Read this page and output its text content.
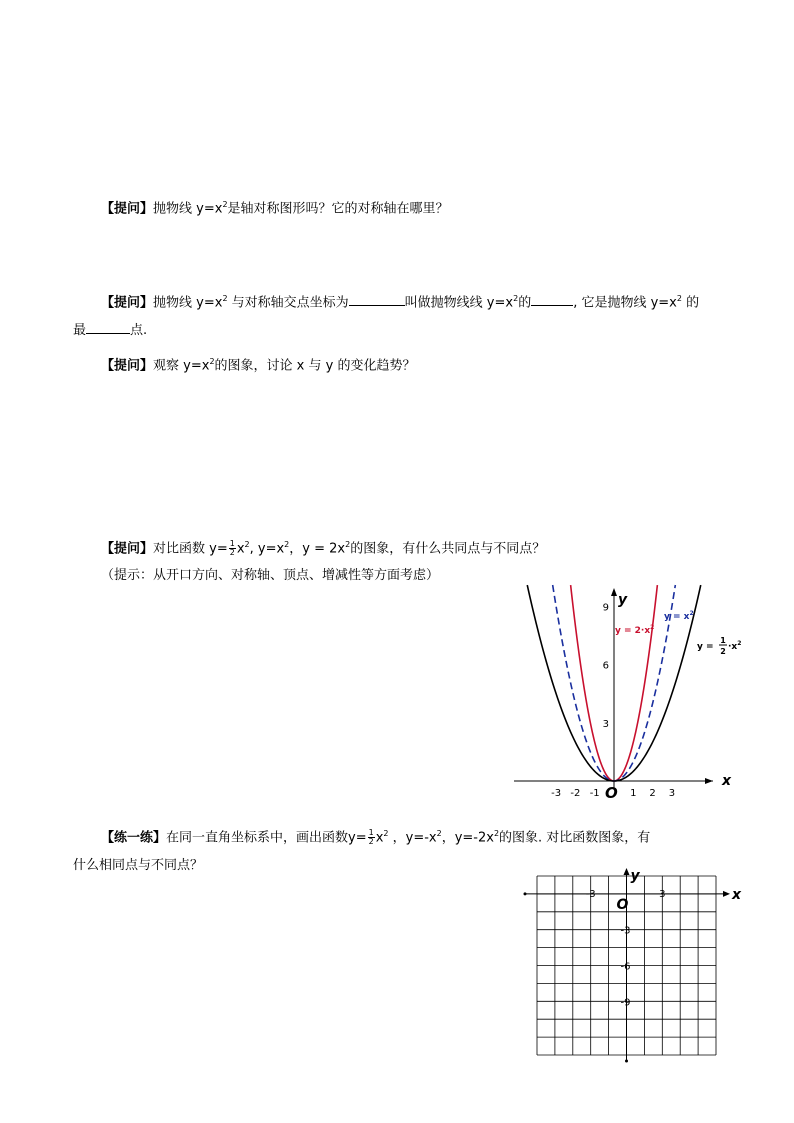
【提问】抛物线 $y=x^2$是轴对称图形吗？它的对称轴在哪里？
【提问】抛物线 $y=x^2$ 与对称轴交点坐标为	叫做抛物线线 $y=x^2$的	, 它是抛物线 $y=x^2$ 的
最	点.
【提问】观察 $y=x^2$的图象，讨论 x 与 y 的变化趋势？
【提问】对比函数 $y= \frac{1}{2} x^2$, $y=x^2$，$y = 2x^2$的图象，有什么共同点与不同点？
（提示：从开口方向、对称轴、顶点、增减性等方面考虑）
x
y
O
-3 -2 -1	1 2 3
3
6
9
$y = 2\cdot x^2$
$y = x^2$
y =
1
$2 \cdot x^2$
【练一练】在同一直角坐标系中，画出函数$y= \frac{1}{2} x^2$ ，$y=-x^2$，$y=-2x^2$的图象. 对比函数图象，有
什么相同点与不同点？
x
y
O
-3	3
-3
-6
-9
